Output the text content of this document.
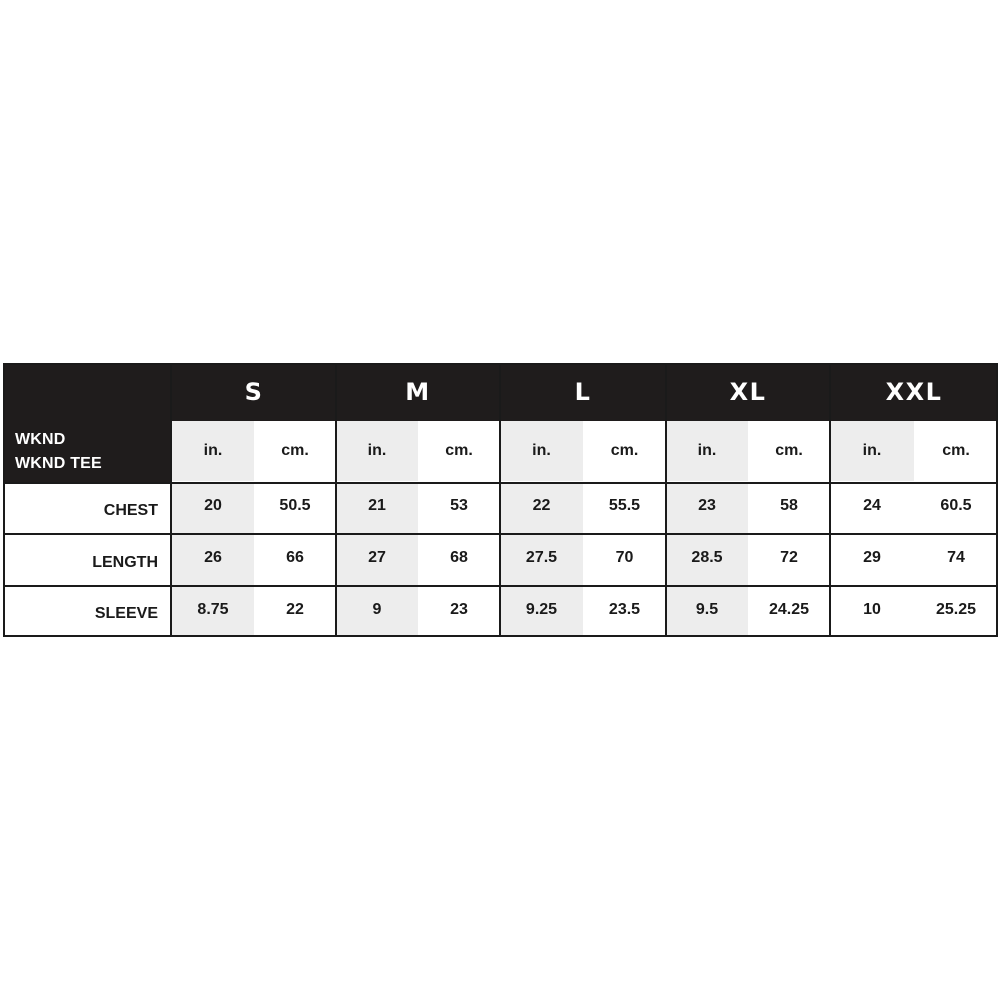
WKND
WKND TEE
S	M	L	XL	XXL
in.	cm.	in.	cm.	in.	cm.	in.	cm.	in.	cm.
CHEST	20	50.5	21	53	22	55.5	23	58	24	60.5
LENGTH	26	66	27	68	27.5	70	28.5	72	29	74
SLEEVE	8.75	22	9	23	9.25	23.5	9.5	24.25	10	25.25
